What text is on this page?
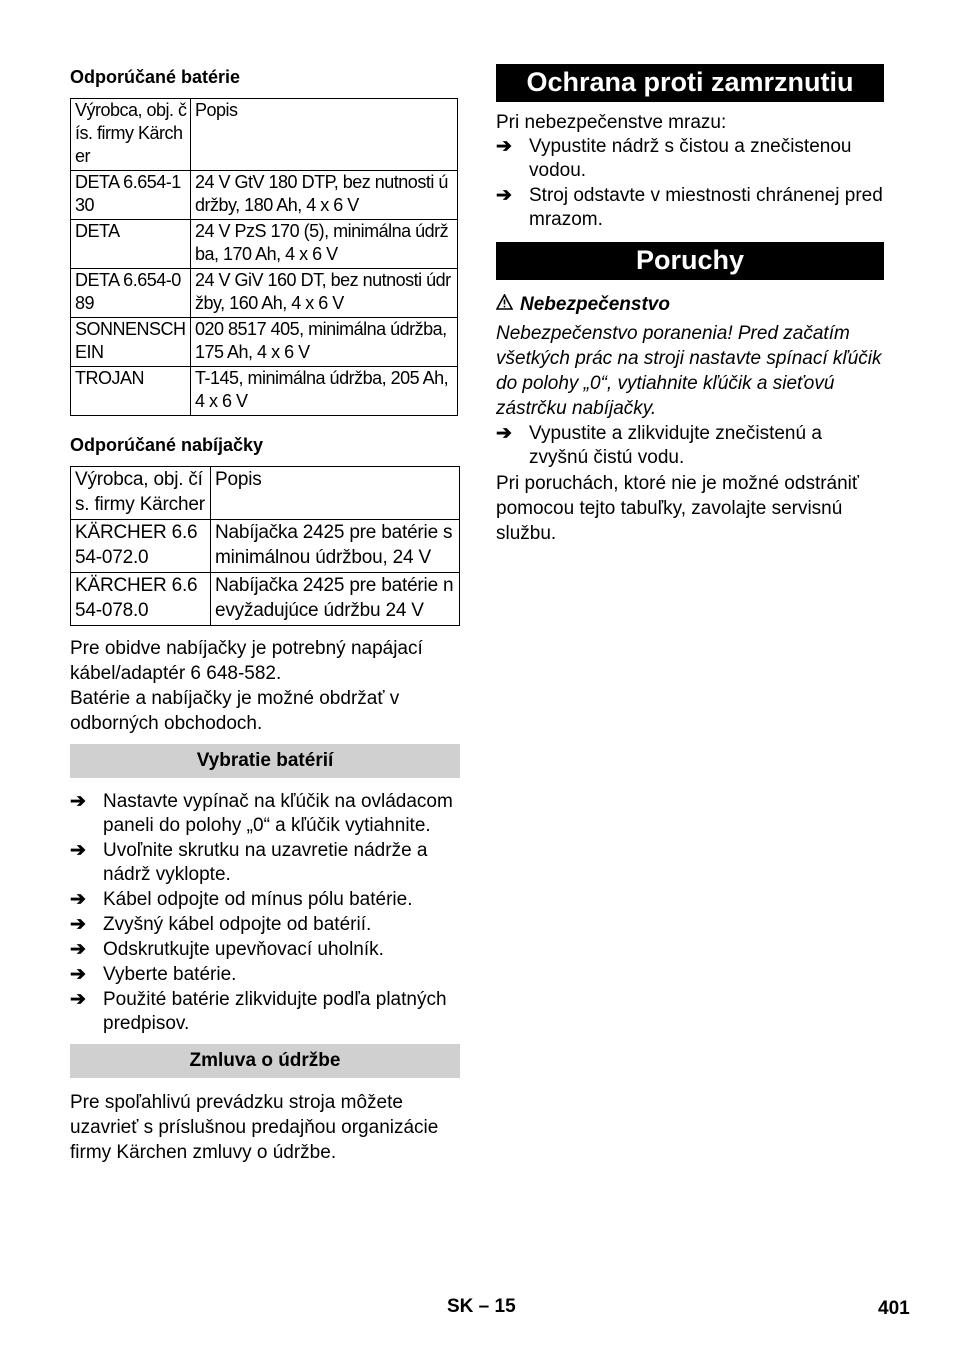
Odporúčané batérie
Výrobca, obj. čís. firmy Kärcher	Popis
DETA 6.654-130	24 V GtV 180 DTP, bez nutnosti údržby, 180 Ah, 4 x 6 V
DETA	24 V PzS 170 (5), minimálna údržba, 170 Ah, 4 x 6 V
DETA 6.654-089	24 V GiV 160 DT, bez nutnosti údržby, 160 Ah, 4 x 6 V
SONNENSCHEIN	020 8517 405, minimálna údržba, 175 Ah, 4 x 6 V
TROJAN	T-145, minimálna údržba, 205 Ah, 4 x 6 V
Odporúčané nabíjačky
Výrobca, obj. čís. firmy Kärcher	Popis
KÄRCHER 6.654-072.0	Nabíjačka 2425 pre batérie s minimálnou údržbou, 24 V
KÄRCHER 6.654-078.0	Nabíjačka 2425 pre batérie nevyžadujúce údržbu 24 V

Pre obidve nabíjačky je potrebný napájací kábel/adaptér 6 648-582.

Batérie a nabíjačky je možné obdržať v odborných obchodoch.

Vybratie batérií
➔ Nastavte vypínač na kľúčik na ovládacom paneli do polohy „0“ a kľúčik vytiahnite.
➔ Uvoľnite skrutku na uzavretie nádrže a nádrž vyklopte.
➔ Kábel odpojte od mínus pólu batérie.
➔ Zvyšný kábel odpojte od batérií.
➔ Odskrutkujte upevňovací uholník.
➔ Vyberte batérie.
➔ Použité batérie zlikvidujte podľa platných predpisov.
Zmluva o údržbe

Pre spoľahlivú prevádzku stroja môžete uzavrieť s príslušnou predajňou organizácie firmy Kärchen zmluvy o údržbe.

Ochrana proti zamrznutiu

Pri nebezpečenstve mrazu:

➔ Vypustite nádrž s čistou a znečistenou vodou.
➔ Stroj odstavte v miestnosti chránenej pred mrazom.
Poruchy
Nebezpečenstvo

Nebezpečenstvo poranenia! Pred začatím všetkých prác na stroji nastavte spínací kľúčik do polohy „0“, vytiahnite kľúčik a sieťovú zástrčku nabíjačky.

➔ Vypustite a zlikvidujte znečistenú a zvyšnú čistú vodu.

Pri poruchách, ktoré nie je možné odstrániť pomocou tejto tabuľky, zavolajte servisnú službu.

SK – 15	401
